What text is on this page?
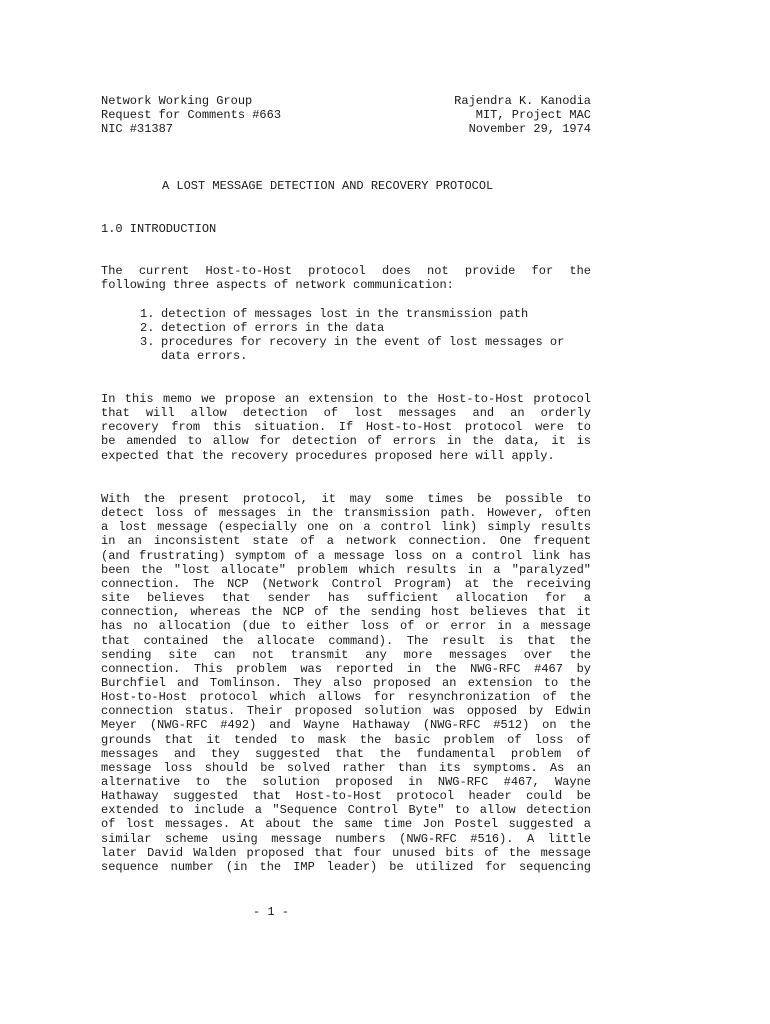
Network Working Group
Request for Comments #663
NIC #31387
Rajendra K. Kanodia
MIT, Project MAC
November 29, 1974
A LOST MESSAGE DETECTION AND RECOVERY PROTOCOL
1.0 INTRODUCTION
The current Host-to-Host protocol does not provide for the
following three aspects of network communication:
1. detection of messages lost in the transmission path
2. detection of errors in the data
3. procedures for recovery in the event of lost messages or
data errors.
In this memo we propose an extension to the Host-to-Host protocol
that will allow detection of lost messages and an orderly
recovery from this situation. If Host-to-Host protocol were to
be amended to allow for detection of errors in the data, it is
expected that the recovery procedures proposed here will apply.
With the present protocol, it may some times be possible to
detect loss of messages in the transmission path. However, often
a lost message (especially one on a control link) simply results
in an inconsistent state of a network connection. One frequent
(and frustrating) symptom of a message loss on a control link has
been the "lost allocate" problem which results in a "paralyzed"
connection. The NCP (Network Control Program) at the receiving
site believes that sender has sufficient allocation for a
connection, whereas the NCP of the sending host believes that it
has no allocation (due to either loss of or error in a message
that contained the allocate command). The result is that the
sending site can not transmit any more messages over the
connection. This problem was reported in the NWG-RFC #467 by
Burchfiel and Tomlinson. They also proposed an extension to the
Host-to-Host protocol which allows for resynchronization of the
connection status. Their proposed solution was opposed by Edwin
Meyer (NWG-RFC #492) and Wayne Hathaway (NWG-RFC #512) on the
grounds that it tended to mask the basic problem of loss of
messages and they suggested that the fundamental problem of
message loss should be solved rather than its symptoms. As an
alternative to the solution proposed in NWG-RFC #467, Wayne
Hathaway suggested that Host-to-Host protocol header could be
extended to include a "Sequence Control Byte" to allow detection
of lost messages. At about the same time Jon Postel suggested a
similar scheme using message numbers (NWG-RFC #516). A little
later David Walden proposed that four unused bits of the message
sequence number (in the IMP leader) be utilized for sequencing
- 1 -
